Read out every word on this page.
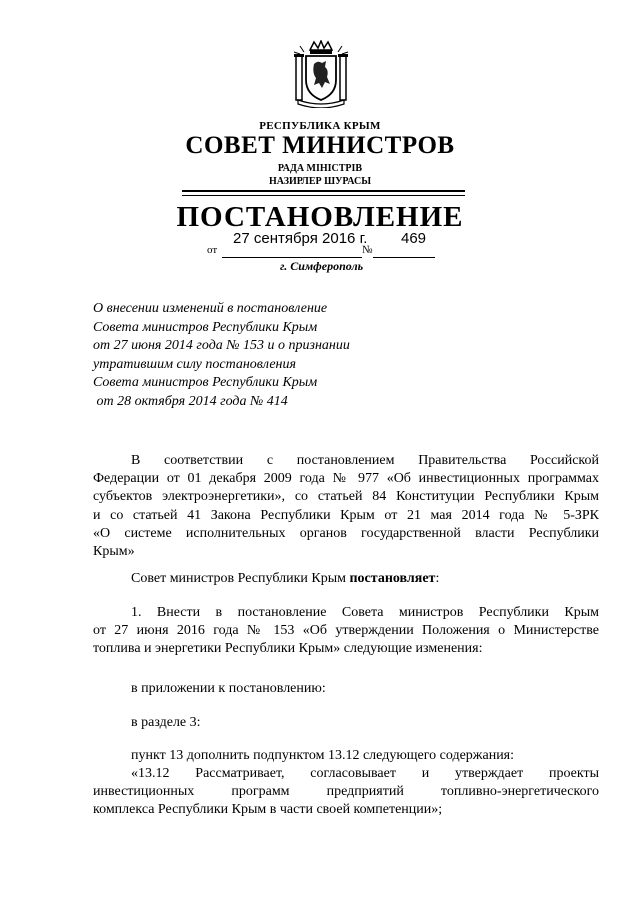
РЕСПУБЛИКА КРЫМ
СОВЕТ МИНИСТРОВ
РАДА МІНІСТРІВ
НАЗИРЛЕР ШУРАСЫ
ПОСТАНОВЛЕНИЕ
27 сентября 2016 г. 469
от	№
г. Симферополь
О внесении изменений в постановление
Совета министров Республики Крым
от 27 июня 2014 года № 153 и о признании
утратившим силу постановления
Совета министров Республики Крым
от 28 октября 2014 года № 414
В соответствии с постановлением Правительства Российской
Федерации от 01 декабря 2009 года № 977 «Об инвестиционных программах
субъектов электроэнергетики», со статьей 84 Конституции Республики Крым
и со статьей 41 Закона Республики Крым от 21 мая 2014 года № 5-ЗРК
«О системе исполнительных органов государственной власти Республики
Крым»
Совет министров Республики Крым постановляет:
1. Внести в постановление Совета министров Республики Крым
от 27 июня 2016 года № 153 «Об утверждении Положения о Министерстве
топлива и энергетики Республики Крым» следующие изменения:
в приложении к постановлению:
в разделе 3:
пункт 13 дополнить подпунктом 13.12 следующего содержания:
«13.12 Рассматривает, согласовывает и утверждает проекты
инвестиционных программ предприятий топливно-энергетического
комплекса Республики Крым в части своей компетенции»;
